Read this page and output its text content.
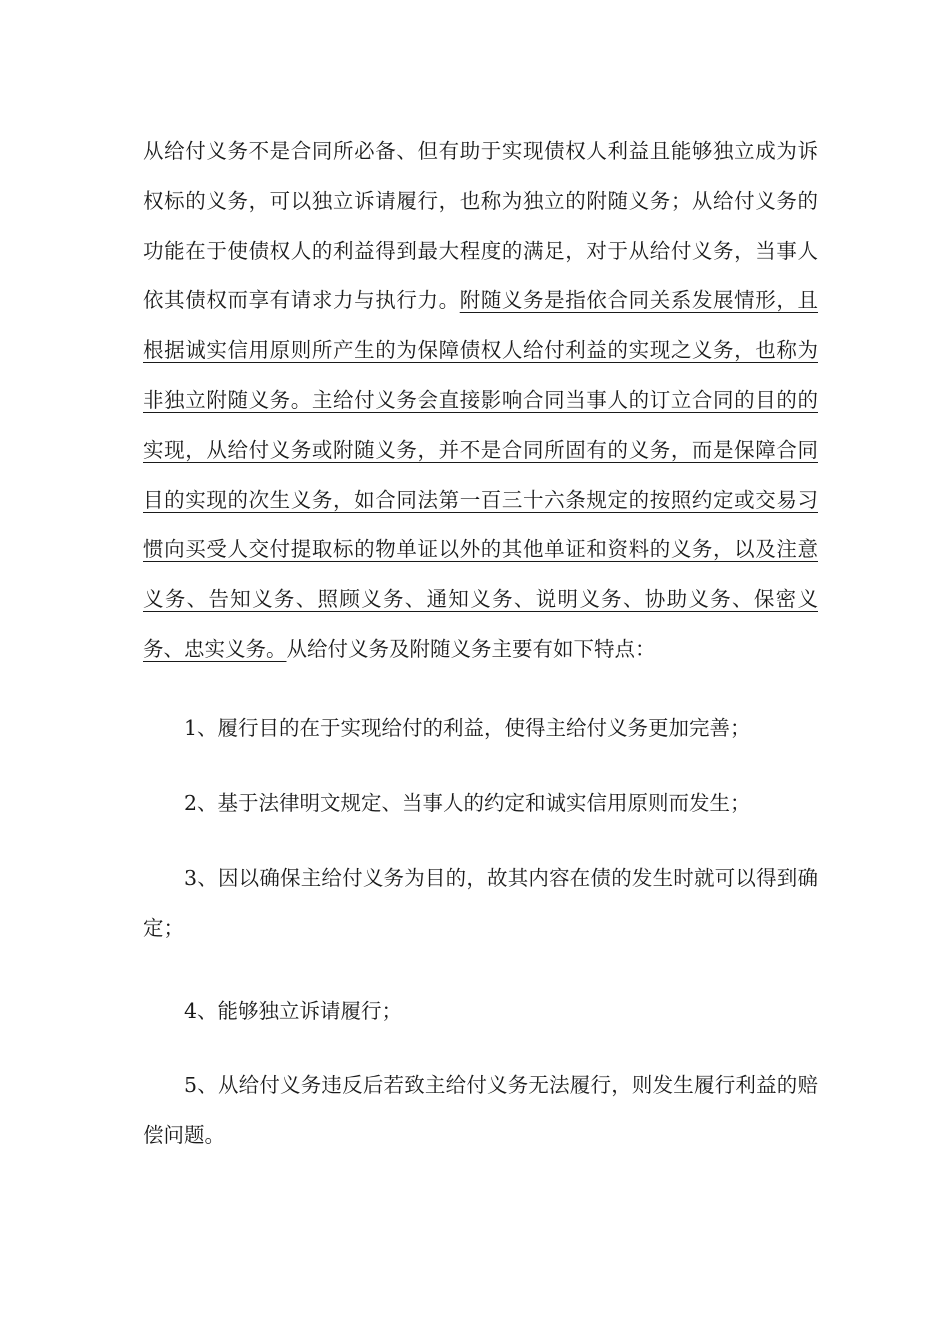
从给付义务不是合同所必备、但有助于实现债权人利益且能够独立成为诉权标的义务，可以独立诉请履行，也称为独立的附随义务；从给付义务的功能在于使债权人的利益得到最大程度的满足，对于从给付义务，当事人依其债权而享有请求力与执行力。附随义务是指依合同关系发展情形，且根据诚实信用原则所产生的为保障债权人给付利益的实现之义务，也称为非独立附随义务。主给付义务会直接影响合同当事人的订立合同的目的的实现，从给付义务或附随义务，并不是合同所固有的义务，而是保障合同目的实现的次生义务，如合同法第一百三十六条规定的按照约定或交易习惯向买受人交付提取标的物单证以外的其他单证和资料的义务，以及注意义务、告知义务、照顾义务、通知义务、说明义务、协助义务、保密义务、忠实义务。从给付义务及附随义务主要有如下特点：

1、履行目的在于实现给付的利益，使得主给付义务更加完善；

2、基于法律明文规定、当事人的约定和诚实信用原则而发生；

3、因以确保主给付义务为目的，故其内容在债的发生时就可以得到确定；

4、能够独立诉请履行；

5、从给付义务违反后若致主给付义务无法履行，则发生履行利益的赔偿问题。
